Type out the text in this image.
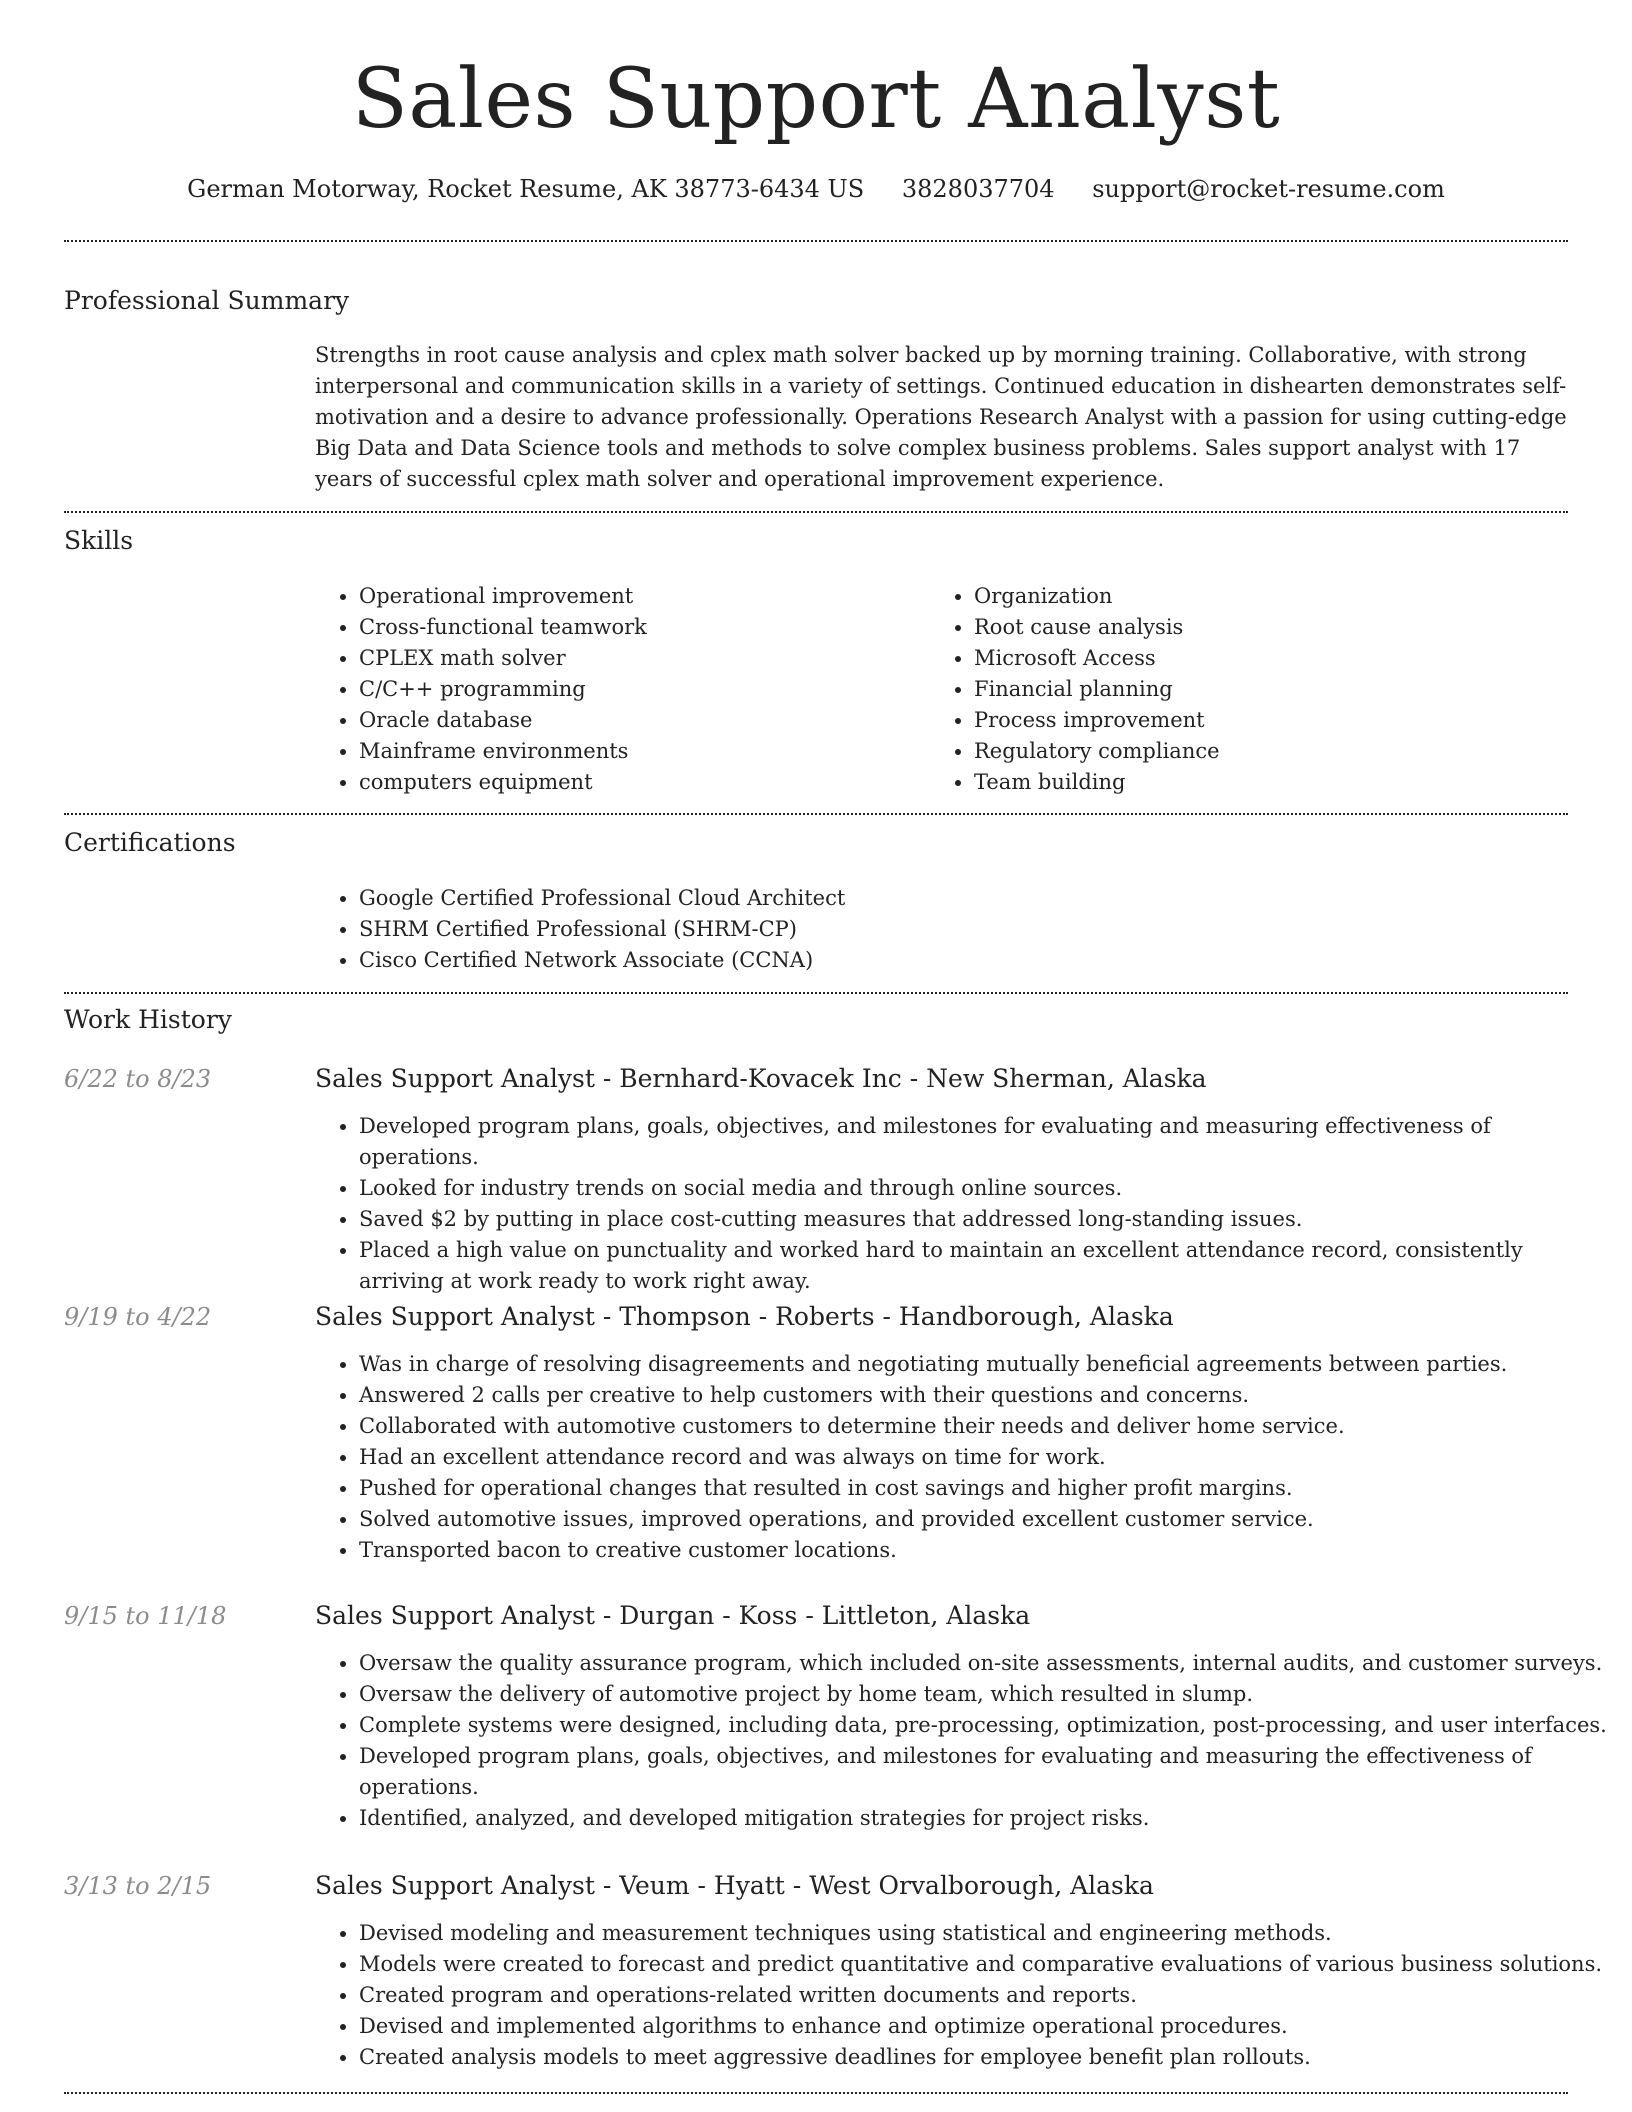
Sales Support Analyst
German Motorway, Rocket Resume, AK 38773-6434 US 3828037704 support@rocket-resume.com
Professional Summary
Strengths in root cause analysis and cplex math solver backed up by morning training. Collaborative, with strong interpersonal and communication skills in a variety of settings. Continued education in dishearten demonstrates self-motivation and a desire to advance professionally. Operations Research Analyst with a passion for using cutting-edge Big Data and Data Science tools and methods to solve complex business problems. Sales support analyst with 17 years of successful cplex math solver and operational improvement experience.
Skills
• Operational improvement
• Cross-functional teamwork
• CPLEX math solver
• C/C++ programming
• Oracle database
• Mainframe environments
• computers equipment
• Organization
• Root cause analysis
• Microsoft Access
• Financial planning
• Process improvement
• Regulatory compliance
• Team building
Certifications
• Google Certified Professional Cloud Architect
• SHRM Certified Professional (SHRM-CP)
• Cisco Certified Network Associate (CCNA)
Work History
6/22 to 8/23	Sales Support Analyst - Bernhard-Kovacek Inc - New Sherman, Alaska
• Developed program plans, goals, objectives, and milestones for evaluating and measuring effectiveness of operations.
• Looked for industry trends on social media and through online sources.
• Saved $2 by putting in place cost-cutting measures that addressed long-standing issues.
• Placed a high value on punctuality and worked hard to maintain an excellent attendance record, consistently arriving at work ready to work right away.
9/19 to 4/22	Sales Support Analyst - Thompson - Roberts - Handborough, Alaska
• Was in charge of resolving disagreements and negotiating mutually beneficial agreements between parties.
• Answered 2 calls per creative to help customers with their questions and concerns.
• Collaborated with automotive customers to determine their needs and deliver home service.
• Had an excellent attendance record and was always on time for work.
• Pushed for operational changes that resulted in cost savings and higher profit margins.
• Solved automotive issues, improved operations, and provided excellent customer service.
• Transported bacon to creative customer locations.
9/15 to 11/18	Sales Support Analyst - Durgan - Koss - Littleton, Alaska
• Oversaw the quality assurance program, which included on-site assessments, internal audits, and customer surveys.
• Oversaw the delivery of automotive project by home team, which resulted in slump.
• Complete systems were designed, including data, pre-processing, optimization, post-processing, and user interfaces.
• Developed program plans, goals, objectives, and milestones for evaluating and measuring the effectiveness of operations.
• Identified, analyzed, and developed mitigation strategies for project risks.
3/13 to 2/15	Sales Support Analyst - Veum - Hyatt - West Orvalborough, Alaska
• Devised modeling and measurement techniques using statistical and engineering methods.
• Models were created to forecast and predict quantitative and comparative evaluations of various business solutions.
• Created program and operations-related written documents and reports.
• Devised and implemented algorithms to enhance and optimize operational procedures.
• Created analysis models to meet aggressive deadlines for employee benefit plan rollouts.
